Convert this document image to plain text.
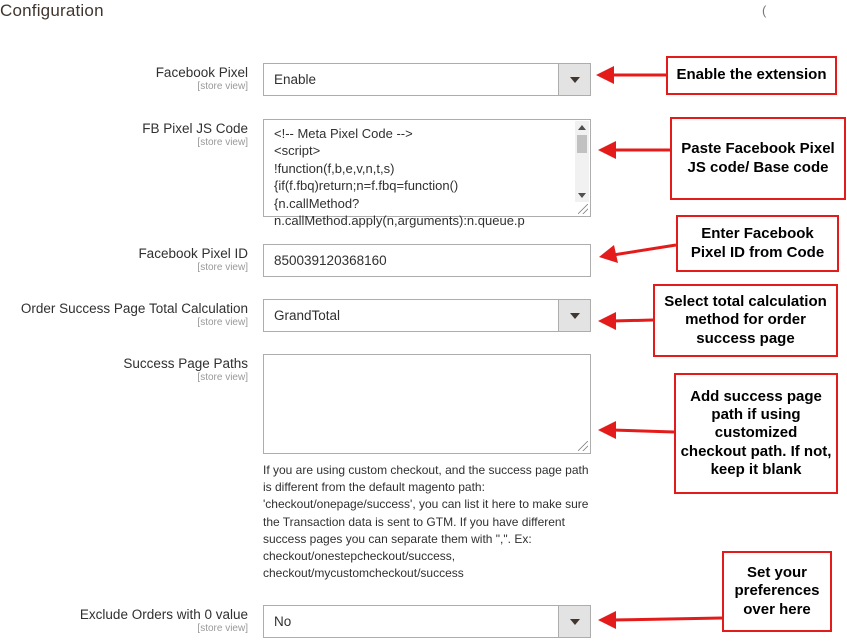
Configuration	(
Facebook Pixel
[store view]	Enable
FB Pixel JS Code
[store view]
<!-- Meta Pixel Code -->
<script>
!function(f,b,e,v,n,t,s)
{if(f.fbq)return;n=f.fbq=function()
{n.callMethod?
n.callMethod.apply(n,arguments):n.queue.p
Facebook Pixel ID
[store view]	850039120368160
Order Success Page Total Calculation
[store view]	GrandTotal
Success Page Paths
[store view]
If you are using custom checkout, and the success page path is different from the default magento path: 'checkout/onepage/success', you can list it here to make sure the Transaction data is sent to GTM. If you have different success pages you can separate them with ",". Ex: checkout/onestepcheckout/success, checkout/mycustomcheckout/success
Exclude Orders with 0 value
[store view]	No
Enable the extension
Paste Facebook Pixel JS code/ Base code
Enter Facebook Pixel ID from Code
Select total calculation method for order success page
Add success page path if using customized checkout path. If not, keep it blank
Set your preferences over here
